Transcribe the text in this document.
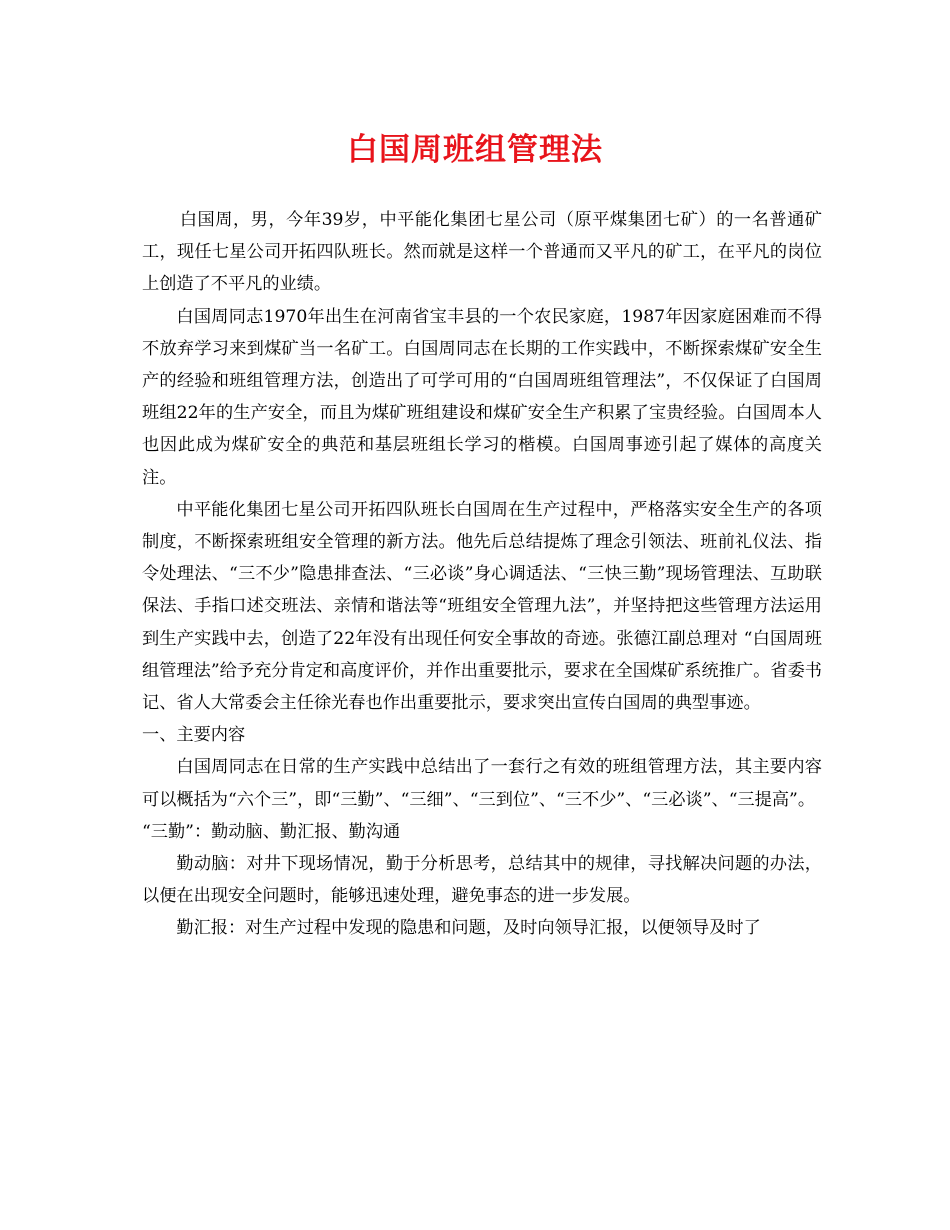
白国周班组管理法

白国周，男，今年39岁，中平能化集团七星公司（原平煤集团七矿）的一名普通矿工，现任七星公司开拓四队班长。然而就是这样一个普通而又平凡的矿工，在平凡的岗位上创造了不平凡的业绩。

白国周同志1970年出生在河南省宝丰县的一个农民家庭，1987年因家庭困难而不得不放弃学习来到煤矿当一名矿工。白国周同志在长期的工作实践中，不断探索煤矿安全生产的经验和班组管理方法，创造出了可学可用的“白国周班组管理法”，不仅保证了白国周班组22年的生产安全，而且为煤矿班组建设和煤矿安全生产积累了宝贵经验。白国周本人也因此成为煤矿安全的典范和基层班组长学习的楷模。白国周事迹引起了媒体的高度关注。

中平能化集团七星公司开拓四队班长白国周在生产过程中，严格落实安全生产的各项制度，不断探索班组安全管理的新方法。他先后总结提炼了理念引领法、班前礼仪法、指令处理法、“三不少”隐患排查法、“三必谈”身心调适法、“三快三勤”现场管理法、互助联保法、手指口述交班法、亲情和谐法等“班组安全管理九法”，并坚持把这些管理方法运用到生产实践中去，创造了22年没有出现任何安全事故的奇迹。张德江副总理对 “白国周班组管理法”给予充分肯定和高度评价，并作出重要批示，要求在全国煤矿系统推广。省委书记、省人大常委会主任徐光春也作出重要批示，要求突出宣传白国周的典型事迹。

一、主要内容

白国周同志在日常的生产实践中总结出了一套行之有效的班组管理方法，其主要内容可以概括为“六个三”，即“三勤”、“三细”、“三到位”、“三不少”、“三必谈”、“三提高”。

“三勤”：勤动脑、勤汇报、勤沟通

勤动脑：对井下现场情况，勤于分析思考，总结其中的规律，寻找解决问题的办法，以便在出现安全问题时，能够迅速处理，避免事态的进一步发展。

勤汇报：对生产过程中发现的隐患和问题，及时向领导汇报，以便领导及时了
